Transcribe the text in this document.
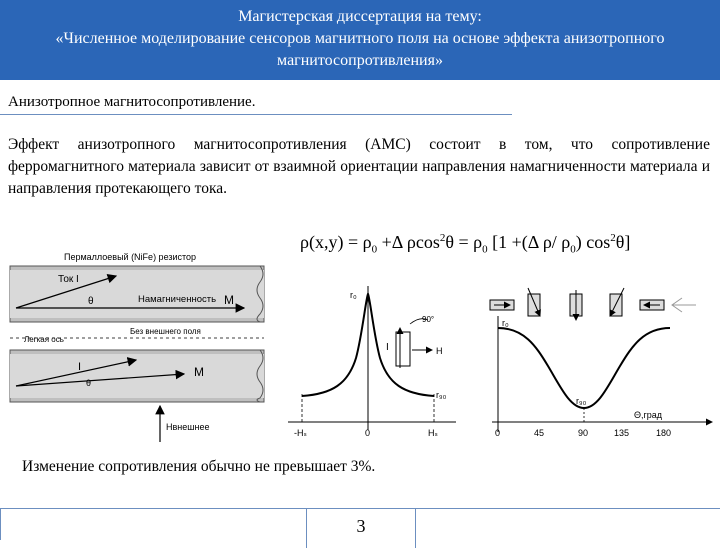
Магистерская диссертация на тему:
«Численное моделирование сенсоров магнитного поля на основе эффекта анизотропного
магнитосопротивления»
Анизотропное магнитосопротивление.
Эффект анизотропного магнитосопротивления (АМС) состоит в том, что сопротивление ферромагнитного материала зависит от взаимной ориентации направления намагниченности материала и направления протекающего тока.
$\rho(x,y) = \rho_0 +\Delta$ $\rho\cos^2\theta = \rho_0$ [1 +(Δ ρ/ $\rho_0$) $\cos^2\theta$]
Пермаллоевый (NiFe) резистор
Ток I
θ	Намагниченность M
Без внешнего поля
Легкая ось
I
θ
M
Hвнешнее
r₀
r₉₀
90°
I	H
-Hₛ	0	Hₛ
r₀
r₉₀
Θ,град
0	45	90	135	180
Изменение сопротивления обычно не превышает 3%.
3
